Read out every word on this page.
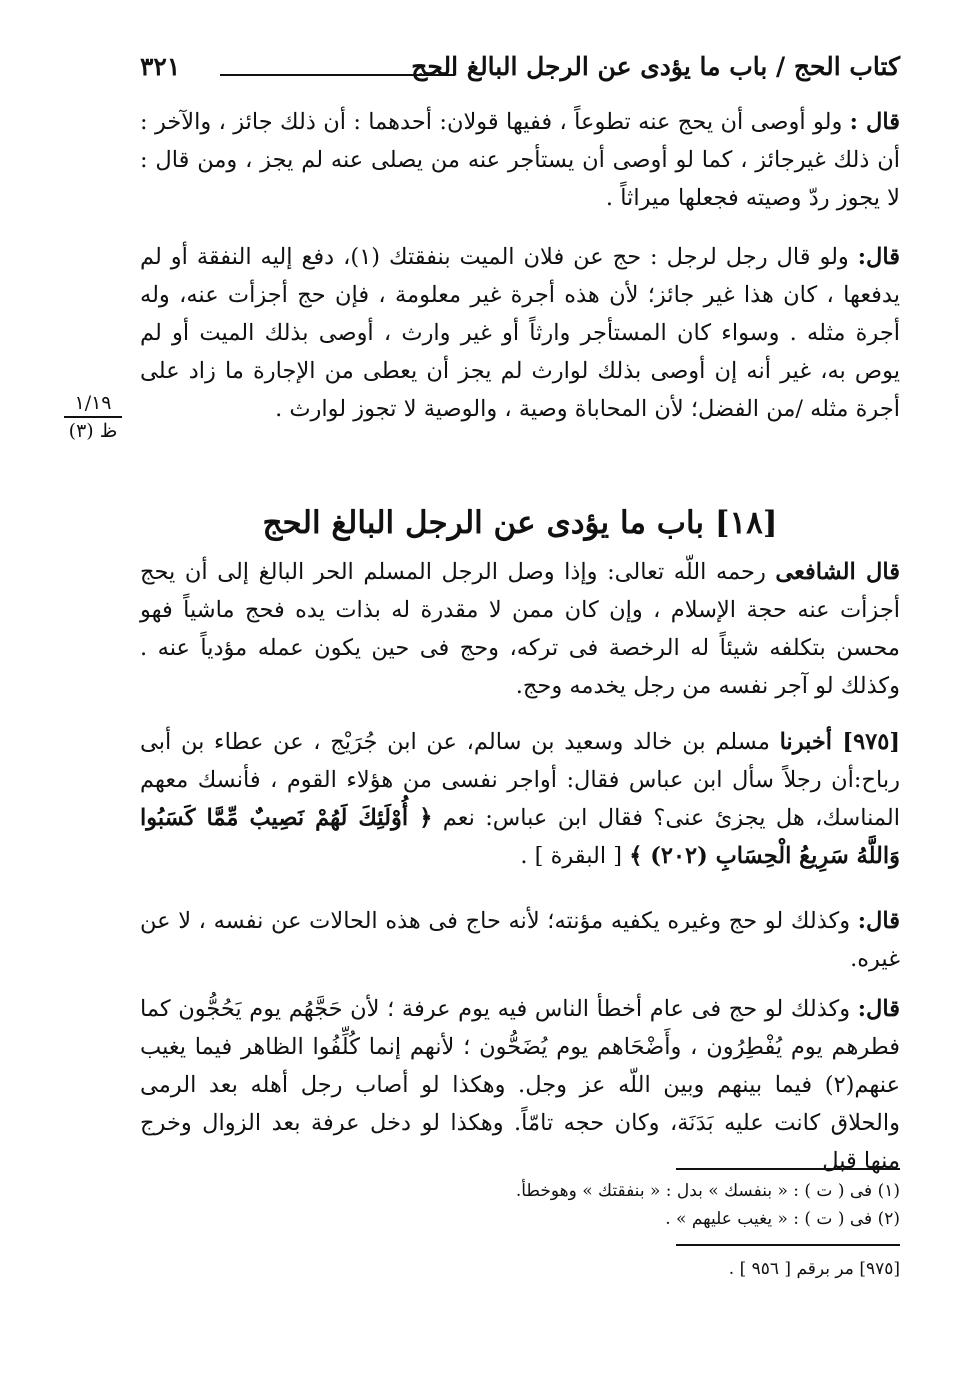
كتاب الحج / باب ما يؤدى عن الرجل البالغ الحج
٣٢١
قال : ولو أوصى أن يحج عنه تطوعاً ، ففيها قولان: أحدهما : أن ذلك جائز ، والآخر : أن ذلك غيرجائز ، كما لو أوصى أن يستأجر عنه من يصلى عنه لم يجز ، ومن قال : لا يجوز ردّ وصيته فجعلها ميراثاً .
قال: ولو قال رجل لرجل : حج عن فلان الميت بنفقتك (١)، دفع إليه النفقة أو لم يدفعها ، كان هذا غير جائز؛ لأن هذه أجرة غير معلومة ، فإن حج أجزأت عنه، وله أجرة مثله . وسواء كان المستأجر وارثاً أو غير وارث ، أوصى بذلك الميت أو لم يوص به، غير أنه إن أوصى بذلك لوارث لم يجز أن يعطى من الإجارة ما زاد على أجرة مثله /من الفضل؛ لأن المحاباة وصية ، والوصية لا تجوز لوارث .
١/١٩
ظ (٣)
[١٨] باب ما يؤدى عن الرجل البالغ الحج
قال الشافعى رحمه اللّه تعالى: وإذا وصل الرجل المسلم الحر البالغ إلى أن يحج أجزأت عنه حجة الإسلام ، وإن كان ممن لا مقدرة له بذات يده فحج ماشياً فهو محسن بتكلفه شيئاً له الرخصة فى تركه، وحج فى حين يكون عمله مؤدياً عنه . وكذلك لو آجر نفسه من رجل يخدمه وحج.
[٩٧٥] أخبرنا مسلم بن خالد وسعيد بن سالم، عن ابن جُرَيْج ، عن عطاء بن أبى رباح:أن رجلاً سأل ابن عباس فقال: أواجر نفسى من هؤلاء القوم ، فأنسك معهم المناسك، هل يجزئ عنى؟ فقال ابن عباس: نعم ﴿ أُوْلَئِكَ لَهُمْ نَصِيبٌ مِّمَّا كَسَبُوا وَاللَّهُ سَرِيعُ الْحِسَابِ (٢٠٢) ﴾ [ البقرة ] .
قال: وكذلك لو حج وغيره يكفيه مؤنته؛ لأنه حاج فى هذه الحالات عن نفسه ، لا عن غيره.
قال: وكذلك لو حج فى عام أخطأ الناس فيه يوم عرفة ؛ لأن حَجَّهُم يوم يَحُجُّون كما فطرهم يوم يُفْطِرُون ، وأَضْحَاهم يوم يُضَحُّون ؛ لأنهم إنما كُلِّفُوا الظاهر فيما يغيب عنهم(٢) فيما بينهم وبين اللّه عز وجل. وهكذا لو أصاب رجل أهله بعد الرمى والحلاق كانت عليه بَدَنَة، وكان حجه تامّاً. وهكذا لو دخل عرفة بعد الزوال وخرج منها قبل
(١) فى ( ت ) : « بنفسك » بدل : « بنفقتك » وهوخطأ.
(٢) فى ( ت ) : « يغيب عليهم » .
[٩٧٥] مر برقم [ ٩٥٦ ] .
